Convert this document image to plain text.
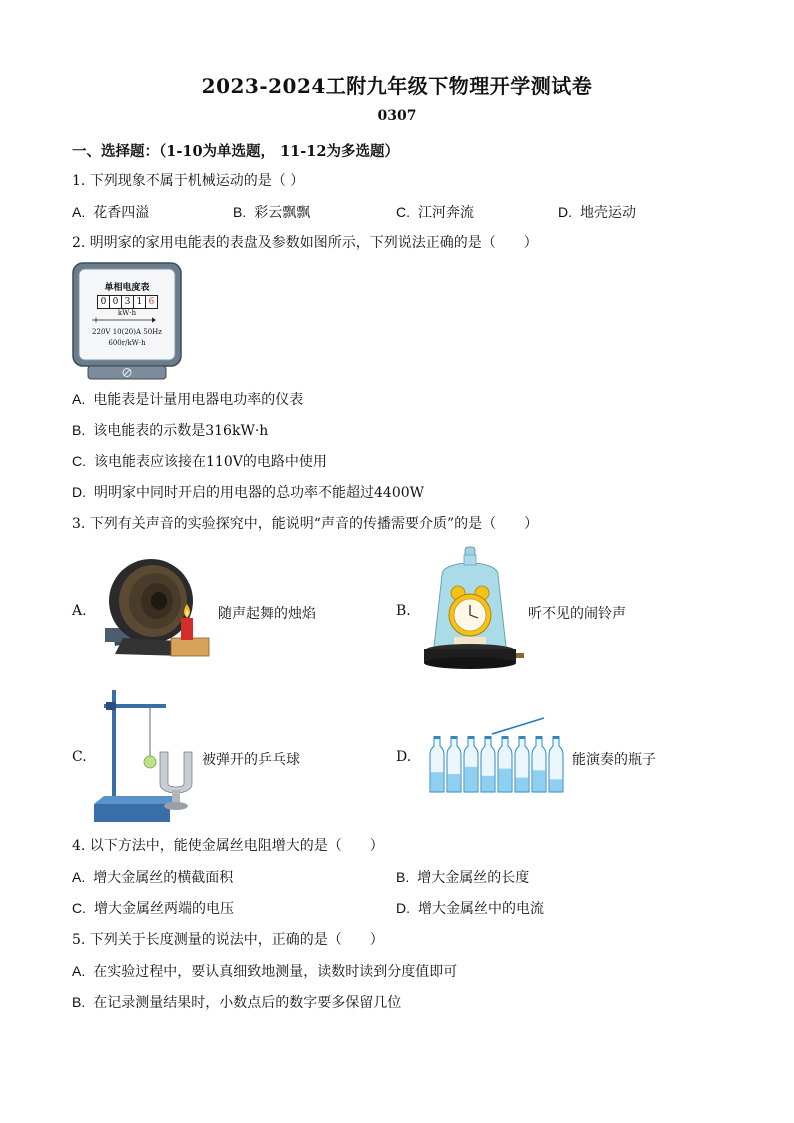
2023-2024工附九年级下物理开学测试卷
0307
一、选择题：（1-10为单选题， 11-12为多选题）
1. 下列现象不属于机械运动的是（ ）
A. 花香四溢	B. 彩云飘飘	C. 江河奔流	D. 地壳运动
2. 明明家的家用电能表的表盘及参数如图所示，下列说法正确的是（　　）
单相电度表
0 0 3 1 6
kW·h
220V 10(20)A 50Hz
600r/kW·h
A. 电能表是计量用电器电功率的仪表
B. 该电能表的示数是316kW·h
C. 该电能表应该接在110V的电路中使用
D. 明明家中同时开启的用电器的总功率不能超过4400W
3. 下列有关声音的实验探究中，能说明“声音的传播需要介质”的是（　　）
A.	随声起舞的烛焰	B.	听不见的闹铃声
C.	被弹开的乒乓球	D.	能演奏的瓶子
4. 以下方法中，能使金属丝电阻增大的是（　　）
A. 增大金属丝的横截面积	B. 增大金属丝的长度
C. 增大金属丝两端的电压	D. 增大金属丝中的电流
5. 下列关于长度测量的说法中，正确的是（　　）
A. 在实验过程中，要认真细致地测量，读数时读到分度值即可
B. 在记录测量结果时，小数点后的数字要多保留几位
